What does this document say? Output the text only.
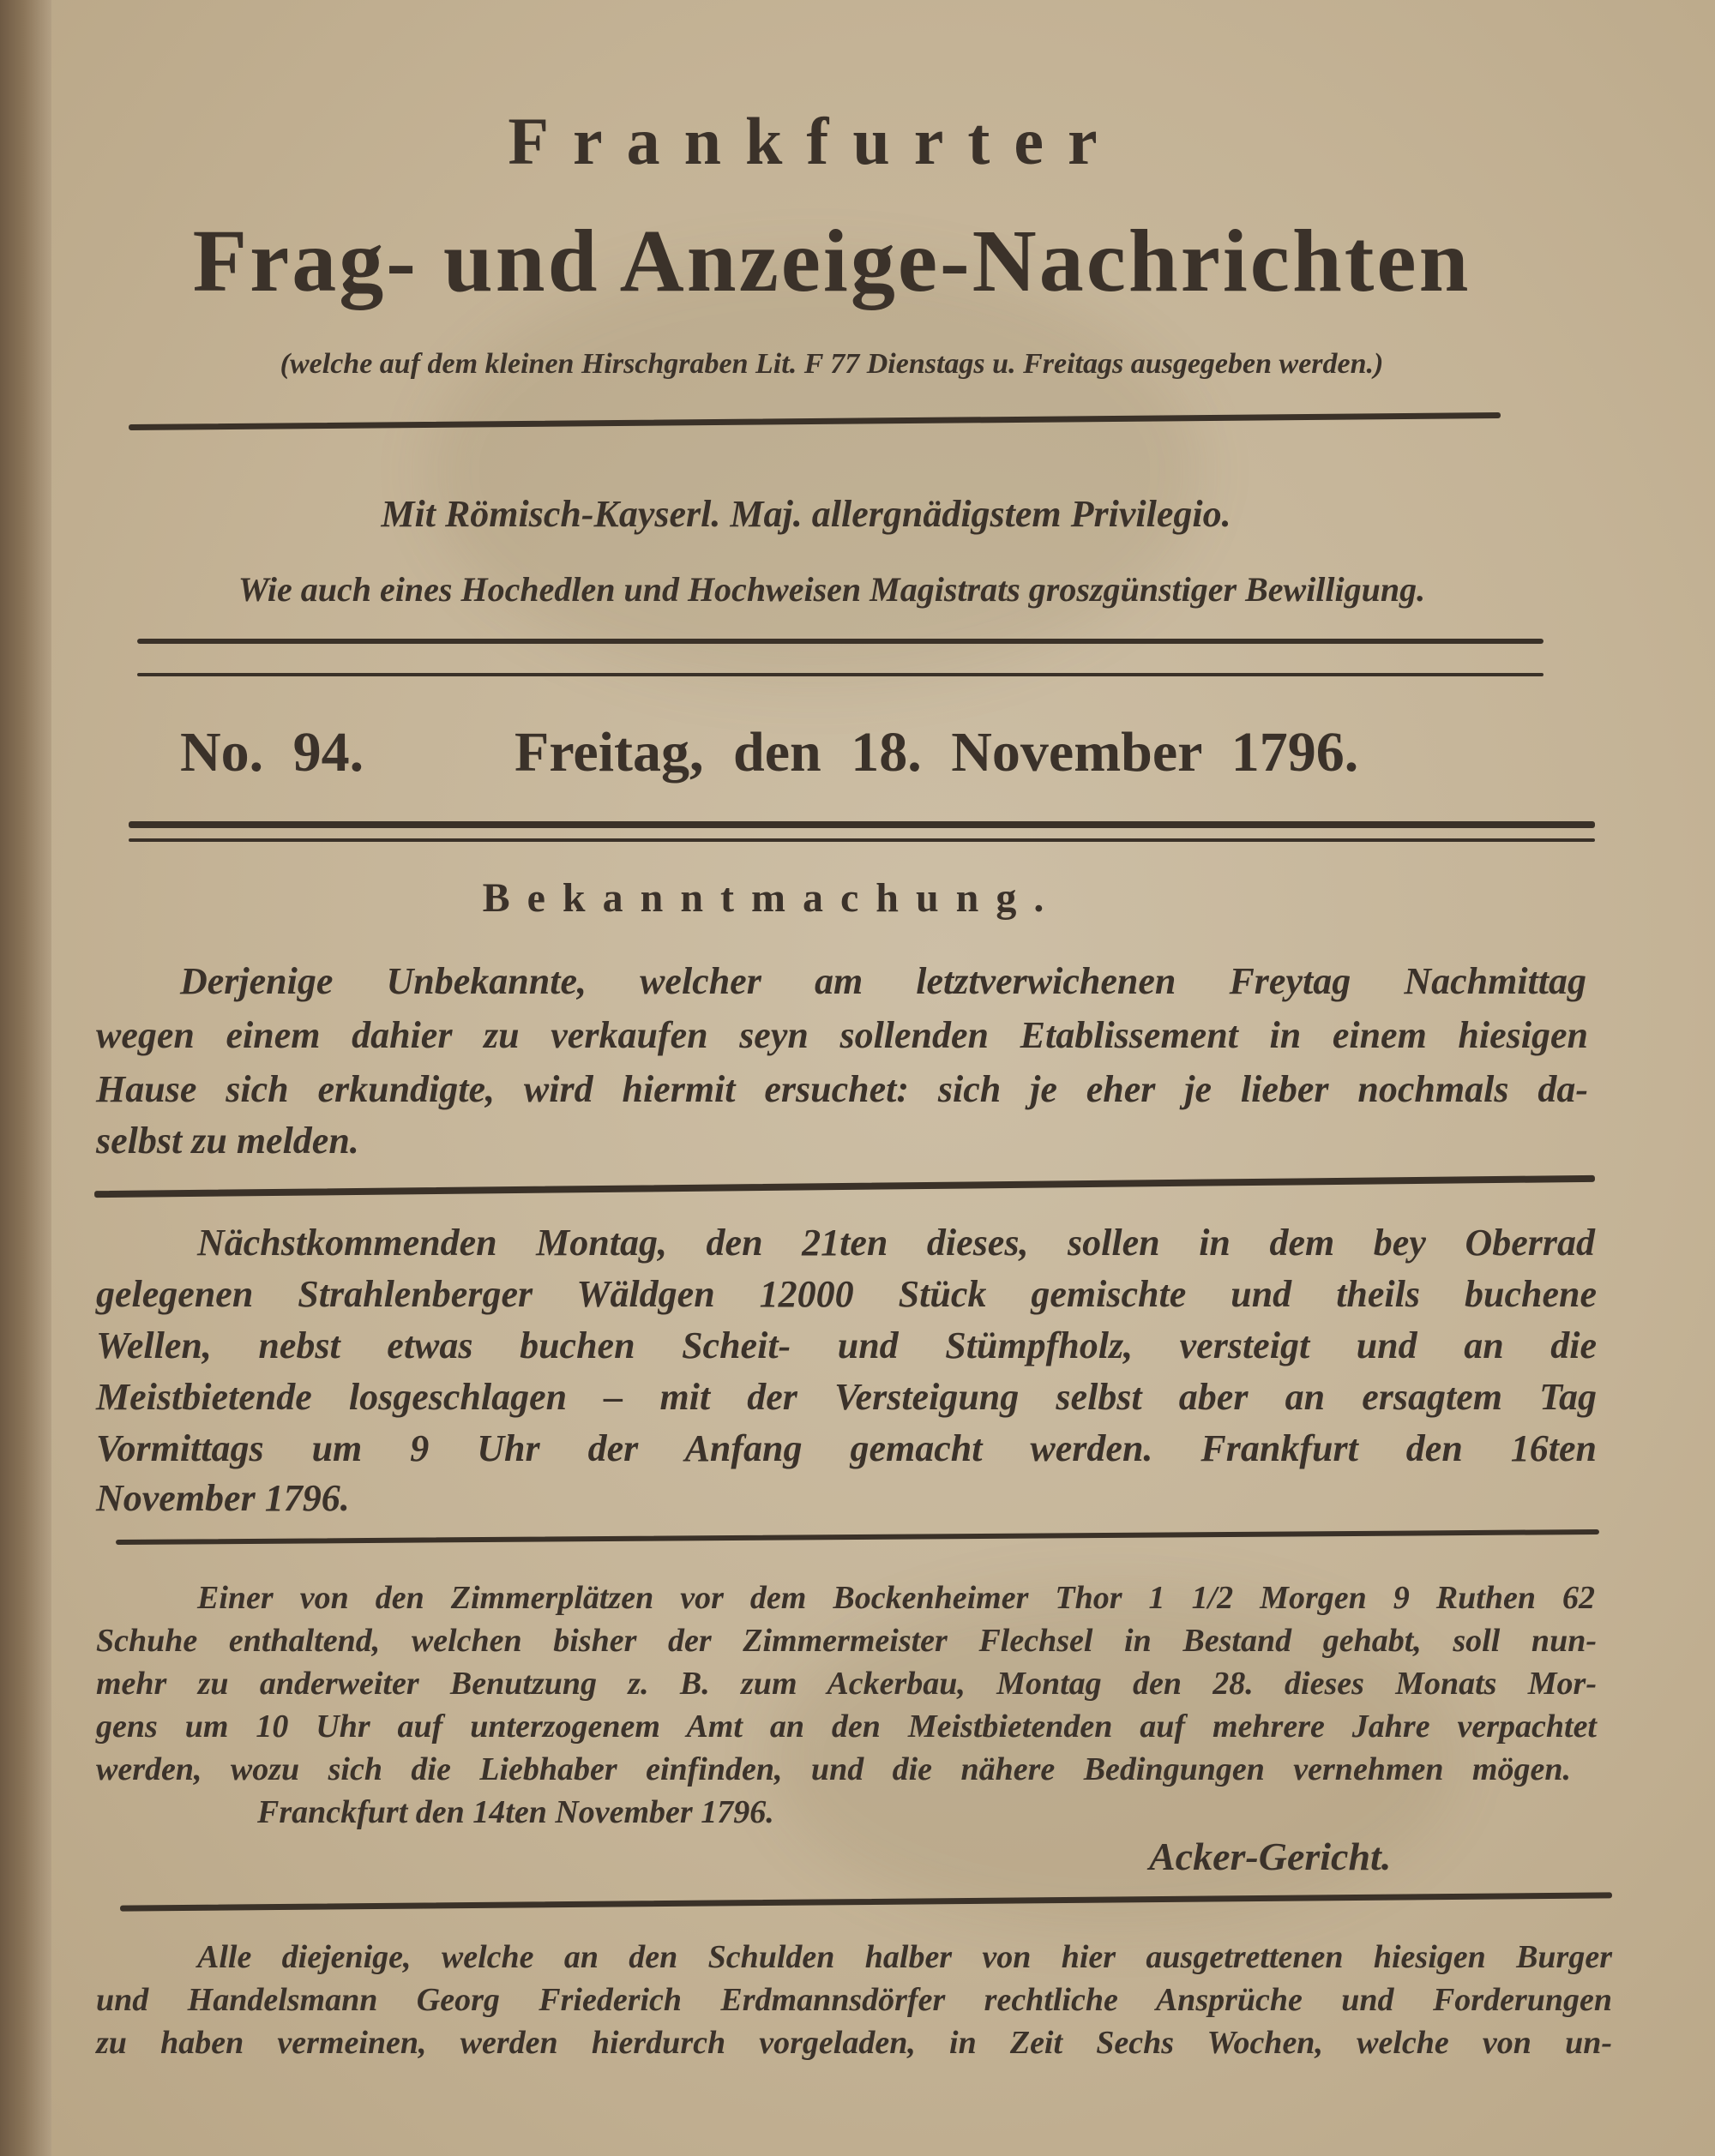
Frankfurter
Frag- und Anzeige-Nachrichten
(welche auf dem kleinen Hirschgraben Lit. F 77 Dienstags u. Freitags ausgegeben werden.)
Mit Römisch-Kayserl. Maj. allergnädigstem Privilegio.
Wie auch eines Hochedlen und Hochweisen Magistrats groszgünstiger Bewilligung.
No. 94.	Freitag, den 18. November 1796.
Bekanntmachung.
Derjenige Unbekannte, welcher am letztverwichenen Freytag Nachmittag
wegen einem dahier zu verkaufen seyn sollenden Etablissement in einem hiesigen
Hause sich erkundigte, wird hiermit ersuchet: sich je eher je lieber nochmals da-
selbst zu melden.
Nächstkommenden Montag, den 21ten dieses, sollen in dem bey Oberrad
gelegenen Strahlenberger Wäldgen 12000 Stück gemischte und theils buchene
Wellen, nebst etwas buchen Scheit- und Stümpfholz, versteigt und an die
Meistbietende losgeschlagen – mit der Versteigung selbst aber an ersagtem Tag
Vormittags um 9 Uhr der Anfang gemacht werden. Frankfurt den 16ten
November 1796.
Einer von den Zimmerplätzen vor dem Bockenheimer Thor 1 1/2 Morgen 9 Ruthen 62
Schuhe enthaltend, welchen bisher der Zimmermeister Flechsel in Bestand gehabt, soll nun-
mehr zu anderweiter Benutzung z. B. zum Ackerbau, Montag den 28. dieses Monats Mor-
gens um 10 Uhr auf unterzogenem Amt an den Meistbietenden auf mehrere Jahre verpachtet
werden, wozu sich die Liebhaber einfinden, und die nähere Bedingungen vernehmen mögen.
Franckfurt den 14ten November 1796.
Acker-Gericht.
Alle diejenige, welche an den Schulden halber von hier ausgetrettenen hiesigen Burger
und Handelsmann Georg Friederich Erdmannsdörfer rechtliche Ansprüche und Forderungen
zu haben vermeinen, werden hierdurch vorgeladen, in Zeit Sechs Wochen, welche von un-
